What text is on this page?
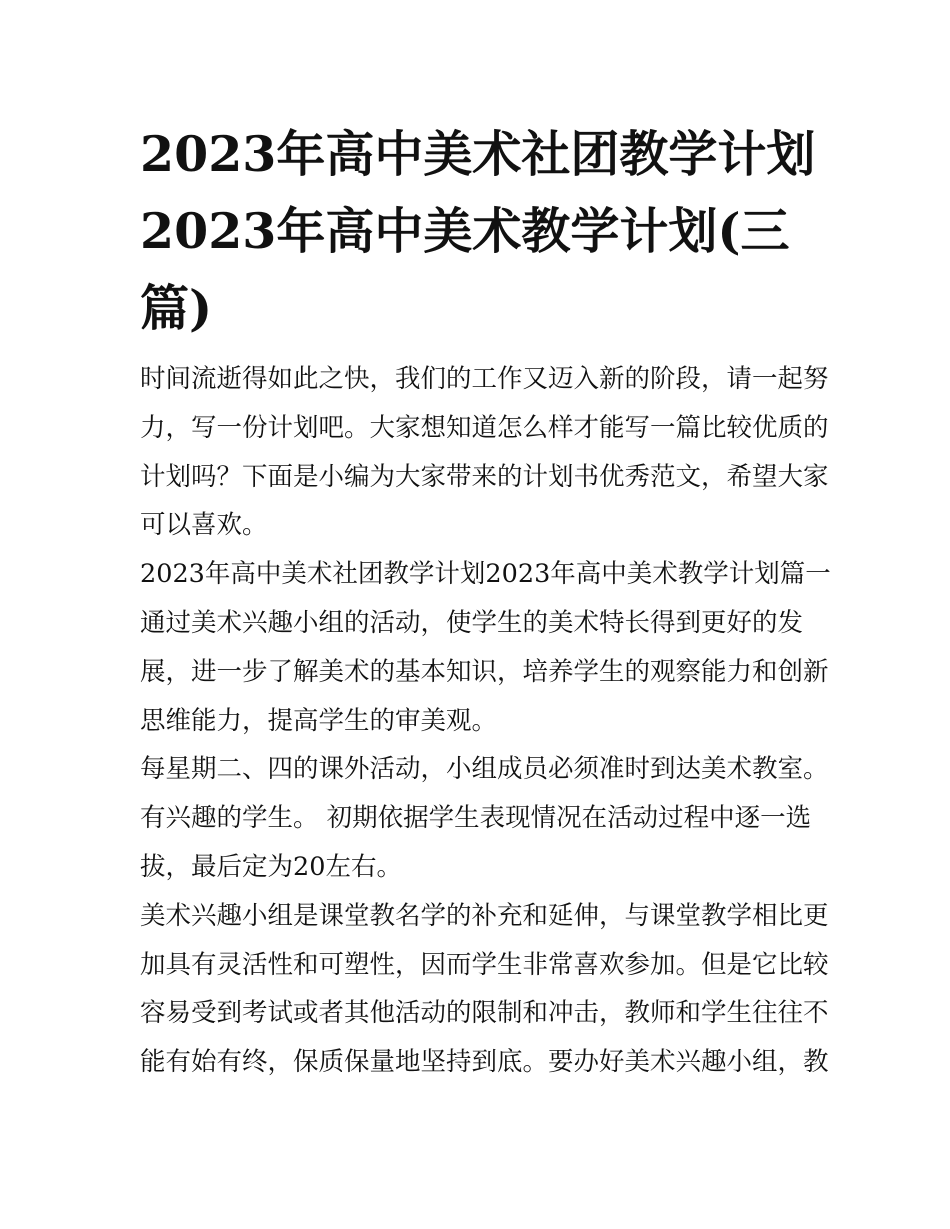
2023年高中美术社团教学计划
2023年高中美术教学计划(三
篇)
时间流逝得如此之快，我们的工作又迈入新的阶段，请一起努
力，写一份计划吧。大家想知道怎么样才能写一篇比较优质的
计划吗？下面是小编为大家带来的计划书优秀范文，希望大家
可以喜欢。
2023年高中美术社团教学计划2023年高中美术教学计划篇一
通过美术兴趣小组的活动，使学生的美术特长得到更好的发
展，进一步了解美术的基本知识，培养学生的观察能力和创新
思维能力，提高学生的审美观。
每星期二、四的课外活动，小组成员必须准时到达美术教室。
有兴趣的学生。 初期依据学生表现情况在活动过程中逐一选
拔，最后定为20左右。
美术兴趣小组是课堂教名学的补充和延伸，与课堂教学相比更
加具有灵活性和可塑性，因而学生非常喜欢参加。但是它比较
容易受到考试或者其他活动的限制和冲击，教师和学生往往不
能有始有终，保质保量地坚持到底。要办好美术兴趣小组，教
